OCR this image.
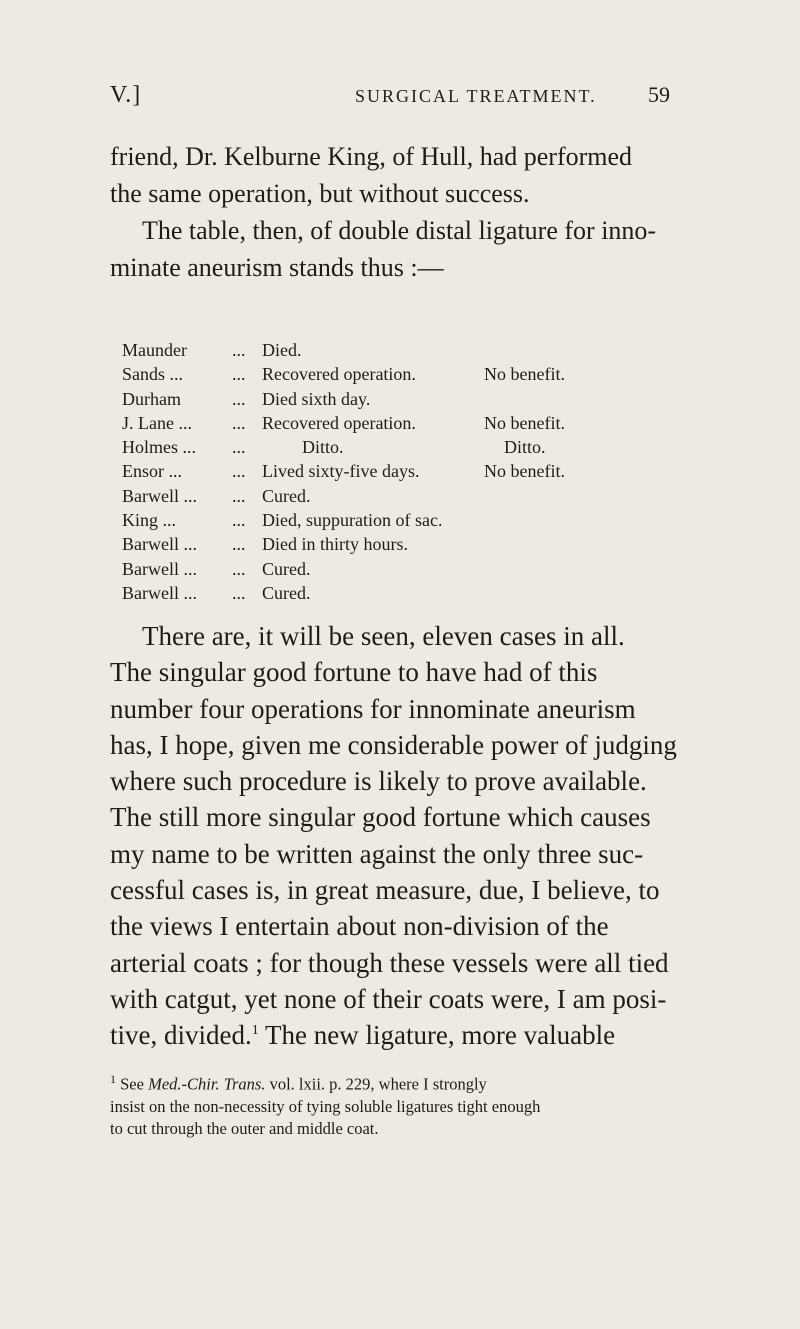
V.]	SURGICAL TREATMENT. 59
friend, Dr. Kelburne King, of Hull, had performed
the same operation, but without success.
The table, then, of double distal ligature for inno-
minate aneurism stands thus :—
Maunder	... Died.
Sands ...	... Recovered operation.	No benefit.
Durham	... Died sixth day.
J. Lane ... ... Recovered operation.	No benefit.
Holmes ... ...	Ditto.	Ditto.
Ensor ...	... Lived sixty-five days.	No benefit.
Barwell ... ... Cured.
King ...	... Died, suppuration of sac.
Barwell ... ... Died in thirty hours.
Barwell ... ... Cured.
Barwell ... ... Cured.
There are, it will be seen, eleven cases in all.
The singular good fortune to have had of this
number four operations for innominate aneurism
has, I hope, given me considerable power of judging
where such procedure is likely to prove available.
The still more singular good fortune which causes
my name to be written against the only three suc-
cessful cases is, in great measure, due, I believe, to
the views I entertain about non-division of the
arterial coats ; for though these vessels were all tied
with catgut, yet none of their coats were, I am posi-
tive, divided.$^1$ The new ligature, more valuable
$^1$ See Med.-Chir. Trans. vol. lxii. p. 229, where I strongly
insist on the non-necessity of tying soluble ligatures tight enough
to cut through the outer and middle coat.
